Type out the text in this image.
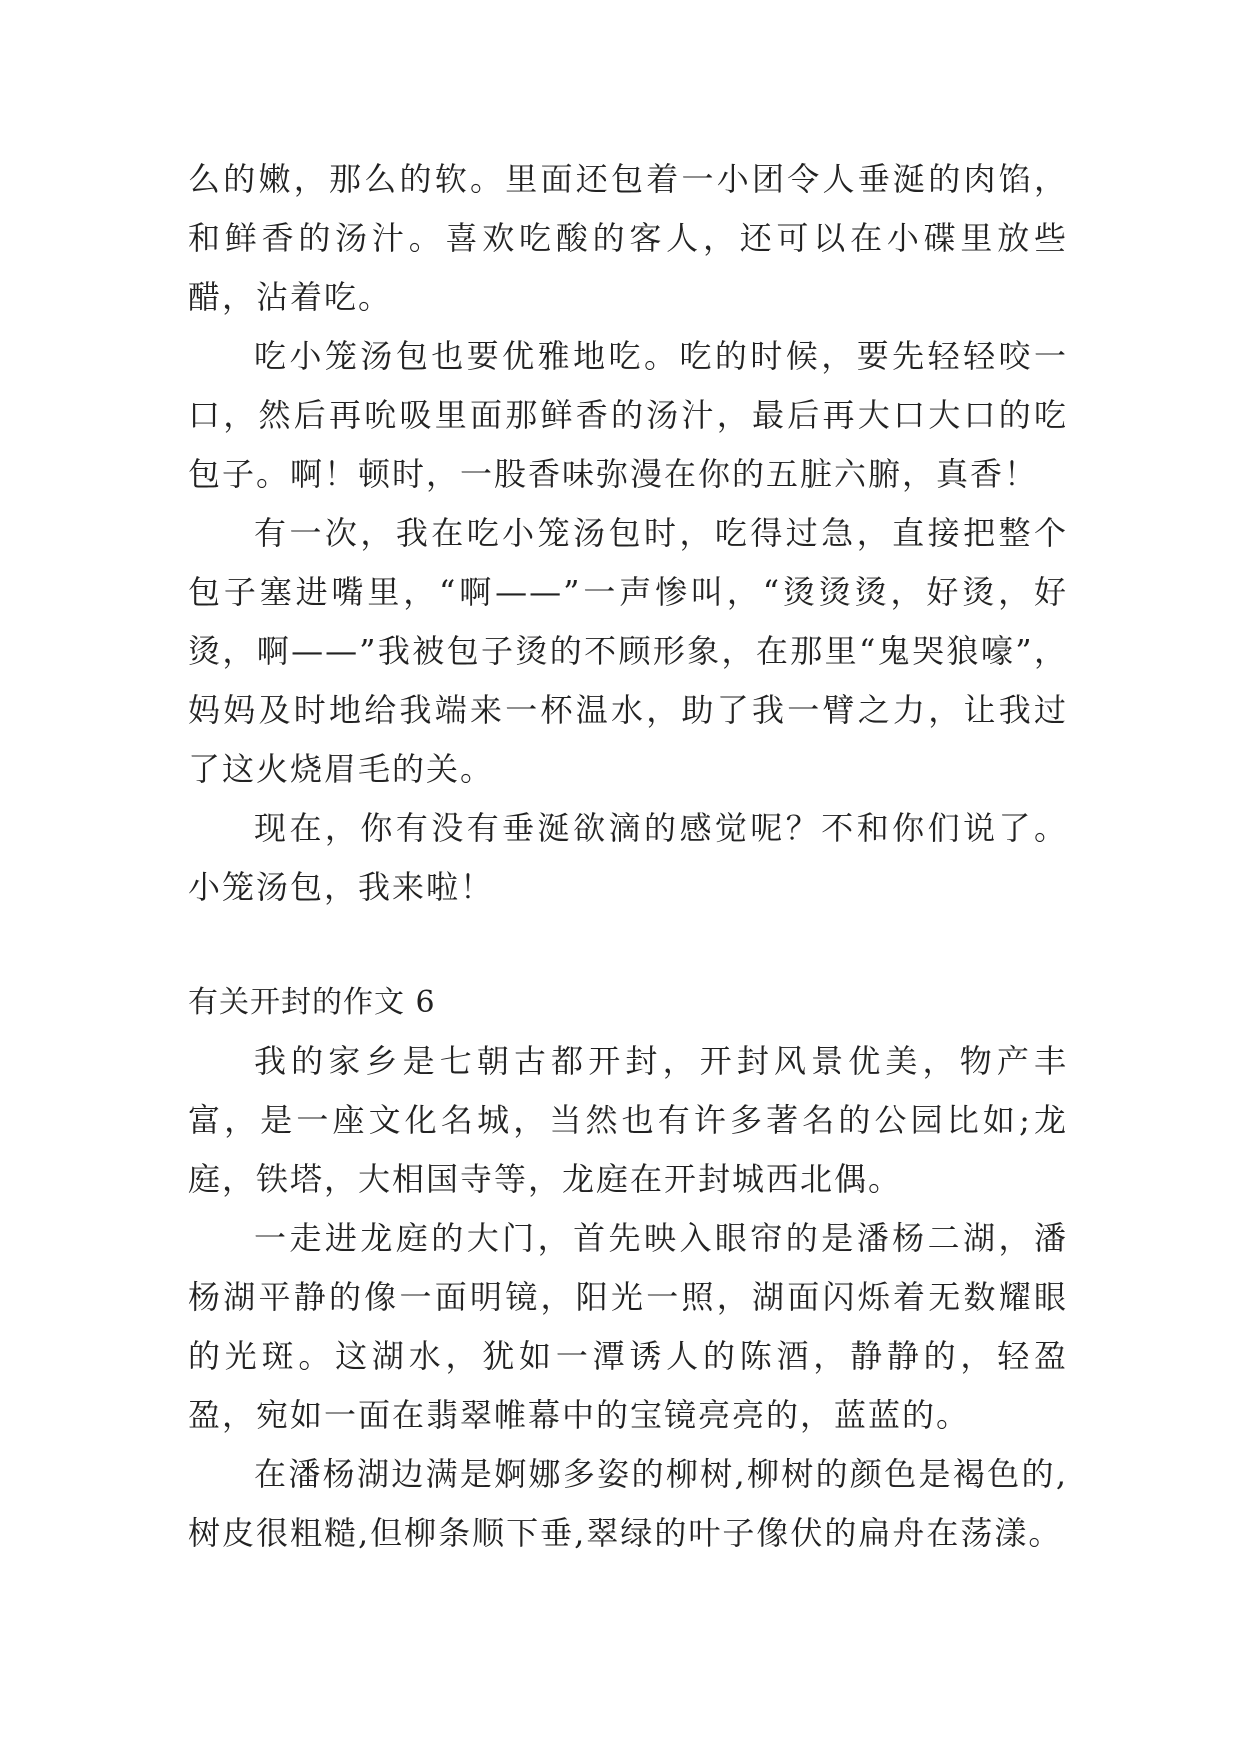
么的嫩，那么的软。里面还包着一小团令人垂涎的肉馅，和鲜香的汤汁。喜欢吃酸的客人，还可以在小碟里放些醋，沾着吃。

吃小笼汤包也要优雅地吃。吃的时候，要先轻轻咬一口，然后再吮吸里面那鲜香的汤汁，最后再大口大口的吃包子。啊！顿时，一股香味弥漫在你的五脏六腑，真香！

有一次，我在吃小笼汤包时，吃得过急，直接把整个包子塞进嘴里，“啊——”一声惨叫，“烫烫烫，好烫，好烫，啊——”我被包子烫的不顾形象，在那里“鬼哭狼嚎”，妈妈及时地给我端来一杯温水，助了我一臂之力，让我过了这火烧眉毛的关。

现在，你有没有垂涎欲滴的感觉呢？不和你们说了。小笼汤包，我来啦！

有关开封的作文 6

我的家乡是七朝古都开封，开封风景优美，物产丰富，是一座文化名城，当然也有许多著名的公园比如;龙庭，铁塔，大相国寺等，龙庭在开封城西北偶。

一走进龙庭的大门，首先映入眼帘的是潘杨二湖，潘杨湖平静的像一面明镜，阳光一照，湖面闪烁着无数耀眼的光斑。这湖水，犹如一潭诱人的陈酒，静静的，轻盈盈，宛如一面在翡翠帷幕中的宝镜亮亮的，蓝蓝的。

在潘杨湖边满是婀娜多姿的柳树,柳树的颜色是褐色的,树皮很粗糙,但柳条顺下垂,翠绿的叶子像伏的扁舟在荡漾。
